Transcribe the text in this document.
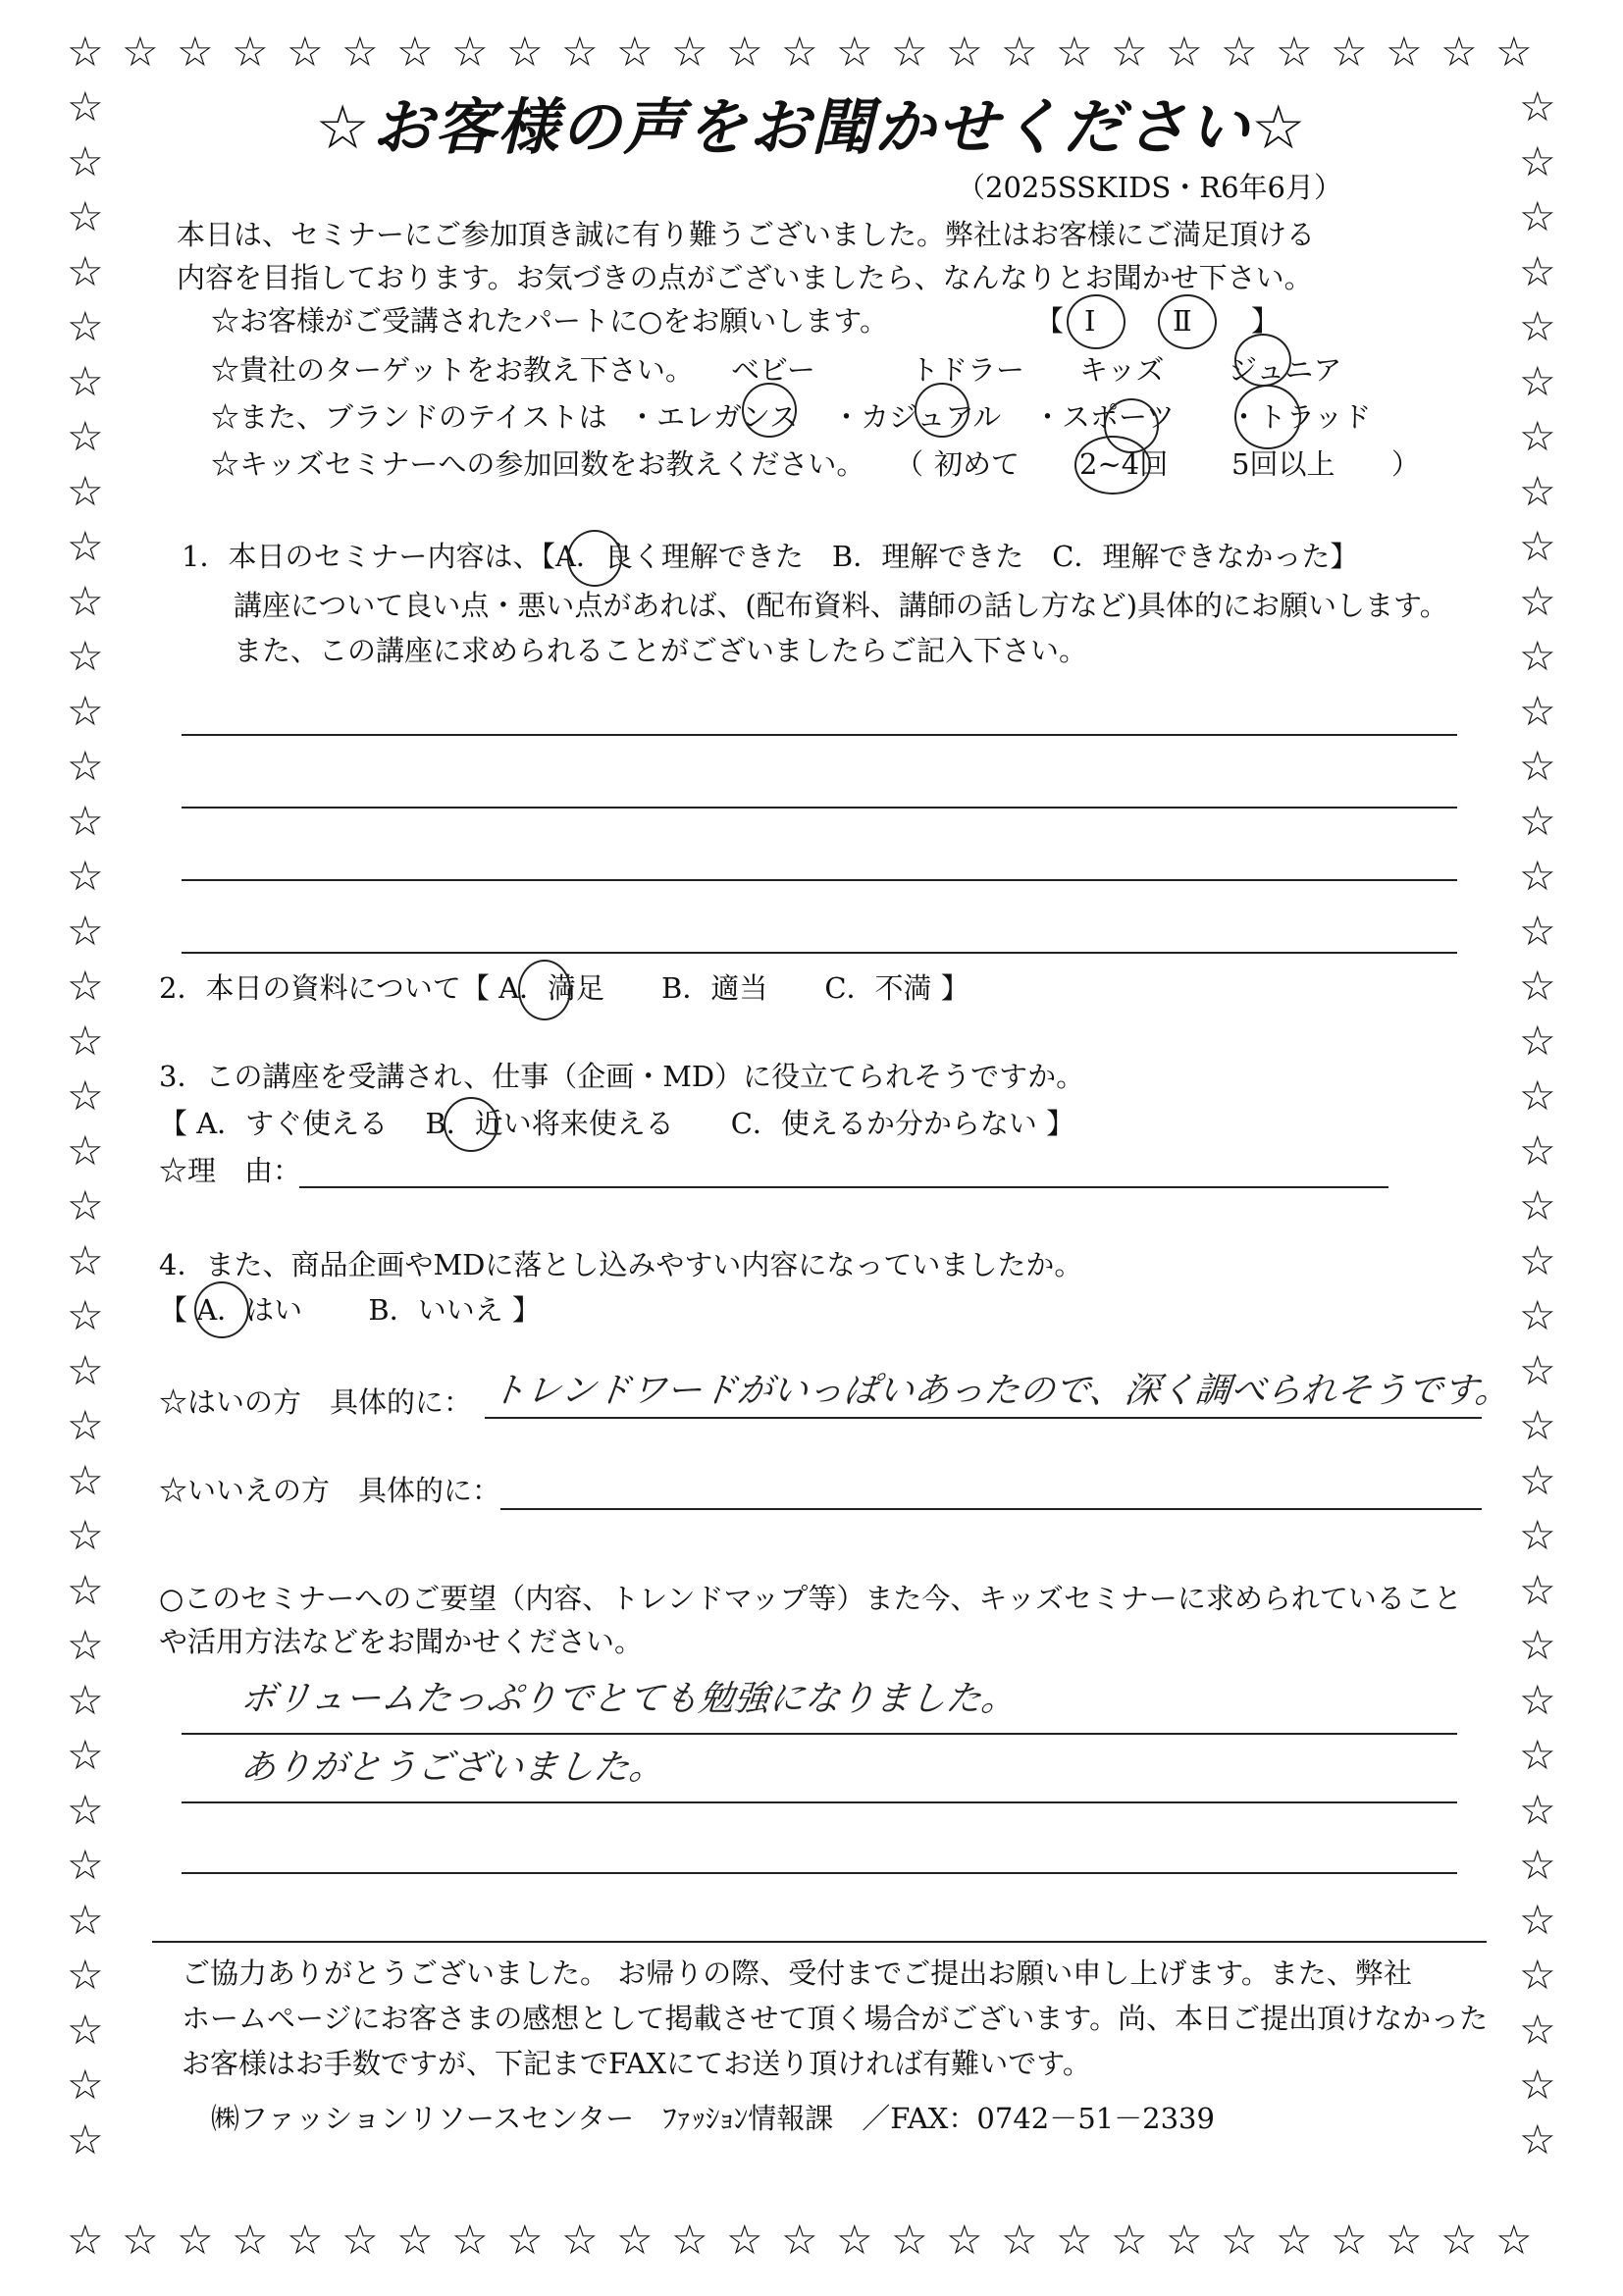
☆
☆
☆
☆
☆
☆
☆
☆
☆
☆
☆
☆
☆
☆
☆
☆
☆
☆
☆
☆
☆
☆
☆
☆
☆
☆
☆
☆
☆
☆
☆
☆
☆
☆
☆
☆
☆
☆
☆
☆
☆
☆
☆
☆
☆
☆
☆
☆
☆
☆
☆
☆
☆
☆
☆	☆
☆	☆
☆	☆
☆	☆
☆	☆
☆	☆
☆	☆
☆	☆
☆	☆
☆	☆
☆	☆
☆	☆
☆	☆
☆	☆
☆	☆
☆	☆
☆	☆
☆	☆
☆	☆
☆	☆
☆	☆
☆	☆
☆	☆
☆	☆
☆	☆
☆	☆
☆	☆
☆	☆
☆	☆
☆	☆
☆	☆
☆	☆
☆	☆
☆	☆
☆	☆
☆	☆
☆	☆
☆	☆
☆お客様の声をお聞かせください☆
（2025SSKIDS・R6年6月）
本日は、セミナーにご参加頂き誠に有り難うございました。弊社はお客様にご満足頂ける
内容を目指しております。お気づきの点がございましたら、なんなりとお聞かせ下さい。
☆お客様がご受講されたパートに○をお願いします。	【 Ⅰ	Ⅱ 】
☆貴社のターゲットをお教え下さい。 ベビー	トドラー キッズ ジュニア
☆また、ブランドのテイストは ・エレガンス ・カジュアル ・スポーツ ・トラッド
☆キッズセミナーへの参加回数をお教えください。 （ 初めて 2~4回 5回以上 ）
1．本日のセミナー内容は、【A．良く理解できた　B．理解できた　C．理解できなかった】
講座について良い点・悪い点があれば、(配布資料、講師の話し方など)具体的にお願いします。
また、この講座に求められることがございましたらご記入下さい。
2．本日の資料について【 A．満足　　B．適当　　C．不満 】
3．この講座を受講され、仕事（企画・MD）に役立てられそうですか。
【 A．すぐ使える　 B．近い将来使える　　C．使えるか分からない 】
☆理　由：
4．また、商品企画やMDに落とし込みやすい内容になっていましたか。
【 A．はい　　 B．いいえ 】
☆はいの方　具体的に： トレンドワードがいっぱいあったので、深く調べられそうです。
☆いいえの方　具体的に：
○このセミナーへのご要望（内容、トレンドマップ等）また今、キッズセミナーに求められていること
や活用方法などをお聞かせください。
ボリュームたっぷりでとても勉強になりました。
ありがとうございました。
ご協力ありがとうございました。 お帰りの際、受付までご提出お願い申し上げます。また、弊社
ホームページにお客さまの感想として掲載させて頂く場合がございます。尚、本日ご提出頂けなかった
お客様はお手数ですが、下記までFAXにてお送り頂ければ有難いです。
㈱ファッションリソースセンター　ﾌｧｯｼｮﾝ情報課　／FAX：0742－51－2339
